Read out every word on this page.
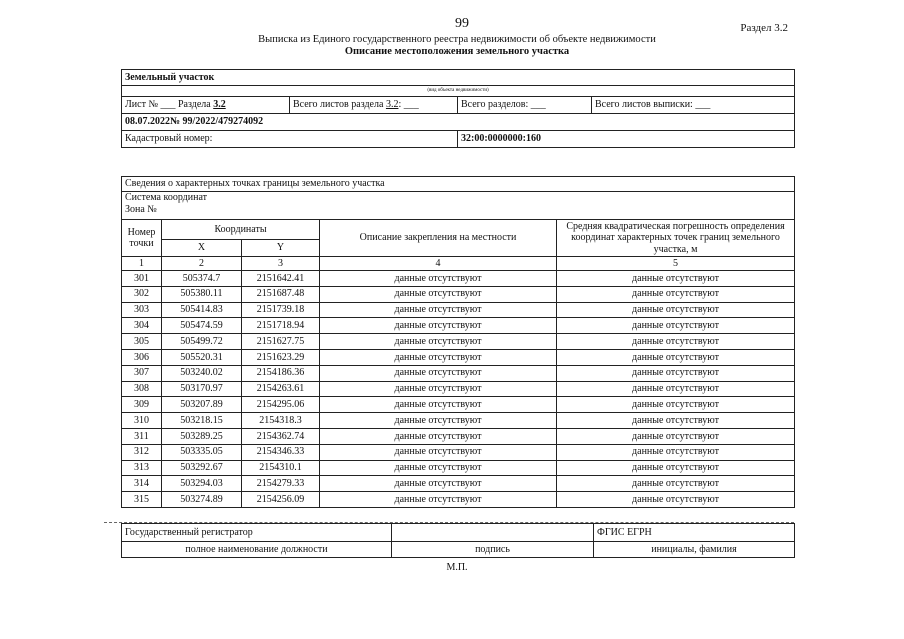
99	Раздел 3.2
Выписка из Единого государственного реестра недвижимости об объекте недвижимости
Описание местоположения земельного участка
Земельный участок			
(вид объекта недвижимости)			
Лист № ___ Раздела 3.2	Всего листов раздела 3.2: ___	Всего разделов: ___	Всего листов выписки: ___
08.07.2022№ 99/2022/479274092			
Кадастровый номер:		32:00:0000000:160	
Сведения о характерных точках границы земельного участка				

Система координат
Зона №				

Номер точки	Координаты		Описание закрепления на местности	Средняя квадратическая погрешность определения координат характерных точек границ земельного участка, м
	X	Y		
1	2	3	4	5
301	505374.7	2151642.41	данные отсутствуют	данные отсутствуют
302	505380.11	2151687.48	данные отсутствуют	данные отсутствуют
303	505414.83	2151739.18	данные отсутствуют	данные отсутствуют
304	505474.59	2151718.94	данные отсутствуют	данные отсутствуют
305	505499.72	2151627.75	данные отсутствуют	данные отсутствуют
306	505520.31	2151623.29	данные отсутствуют	данные отсутствуют
307	503240.02	2154186.36	данные отсутствуют	данные отсутствуют
308	503170.97	2154263.61	данные отсутствуют	данные отсутствуют
309	503207.89	2154295.06	данные отсутствуют	данные отсутствуют
310	503218.15	2154318.3	данные отсутствуют	данные отсутствуют
311	503289.25	2154362.74	данные отсутствуют	данные отсутствуют
312	503335.05	2154346.33	данные отсутствуют	данные отсутствуют
313	503292.67	2154310.1	данные отсутствуют	данные отсутствуют
314	503294.03	2154279.33	данные отсутствуют	данные отсутствуют
315	503274.89	2154256.09	данные отсутствуют	данные отсутствуют
Государственный регистратор		ФГИС ЕГРН
полное наименование должности	подпись	инициалы, фамилия
М.П.
